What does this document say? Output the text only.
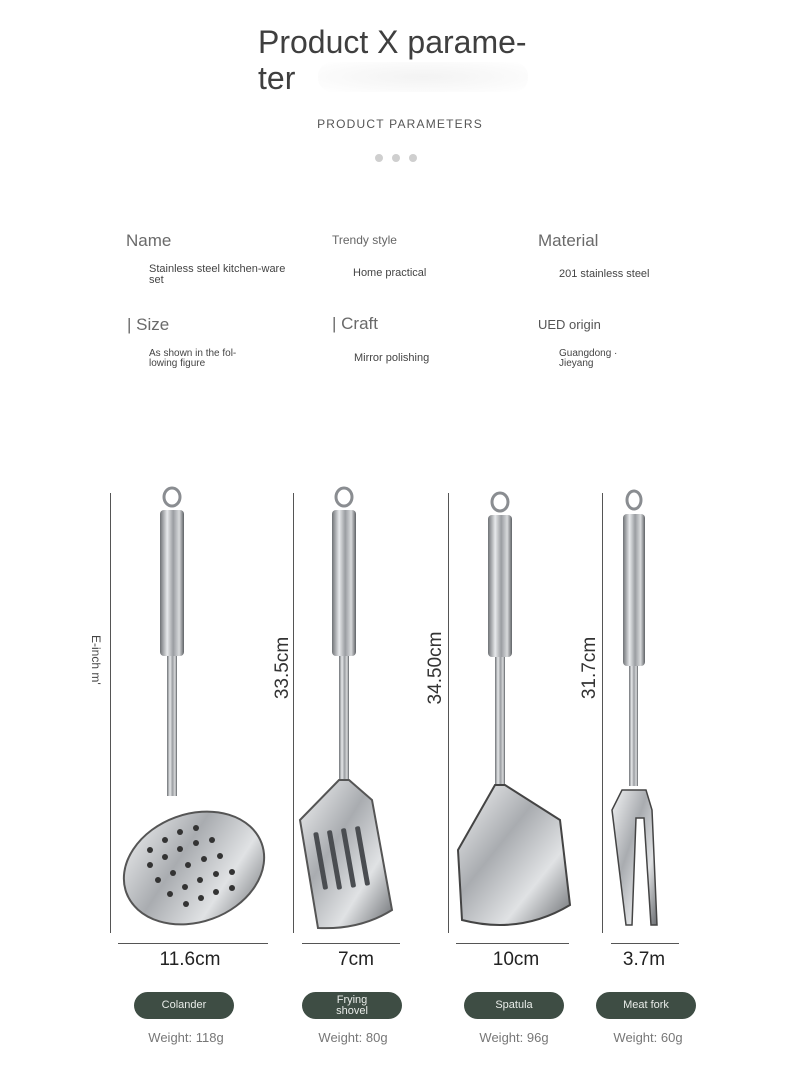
Product X parame-ter
PRODUCT PARAMETERS
Name
Stainless steel kitchen-ware set
Trendy style
Home practical
Material
201 stainless steel
| Size
As shown in the fol-lowing figure
| Craft
Mirror polishing
UED origin
Guangdong · Jieyang
E-inch m'	33.5cm	34.50cm	31.7cm
11.6cm	7cm	10cm	3.7m
Colander	Frying shovel	Spatula	Meat fork
Weight: 118g	Weight: 80g	Weight: 96g	Weight: 60g
